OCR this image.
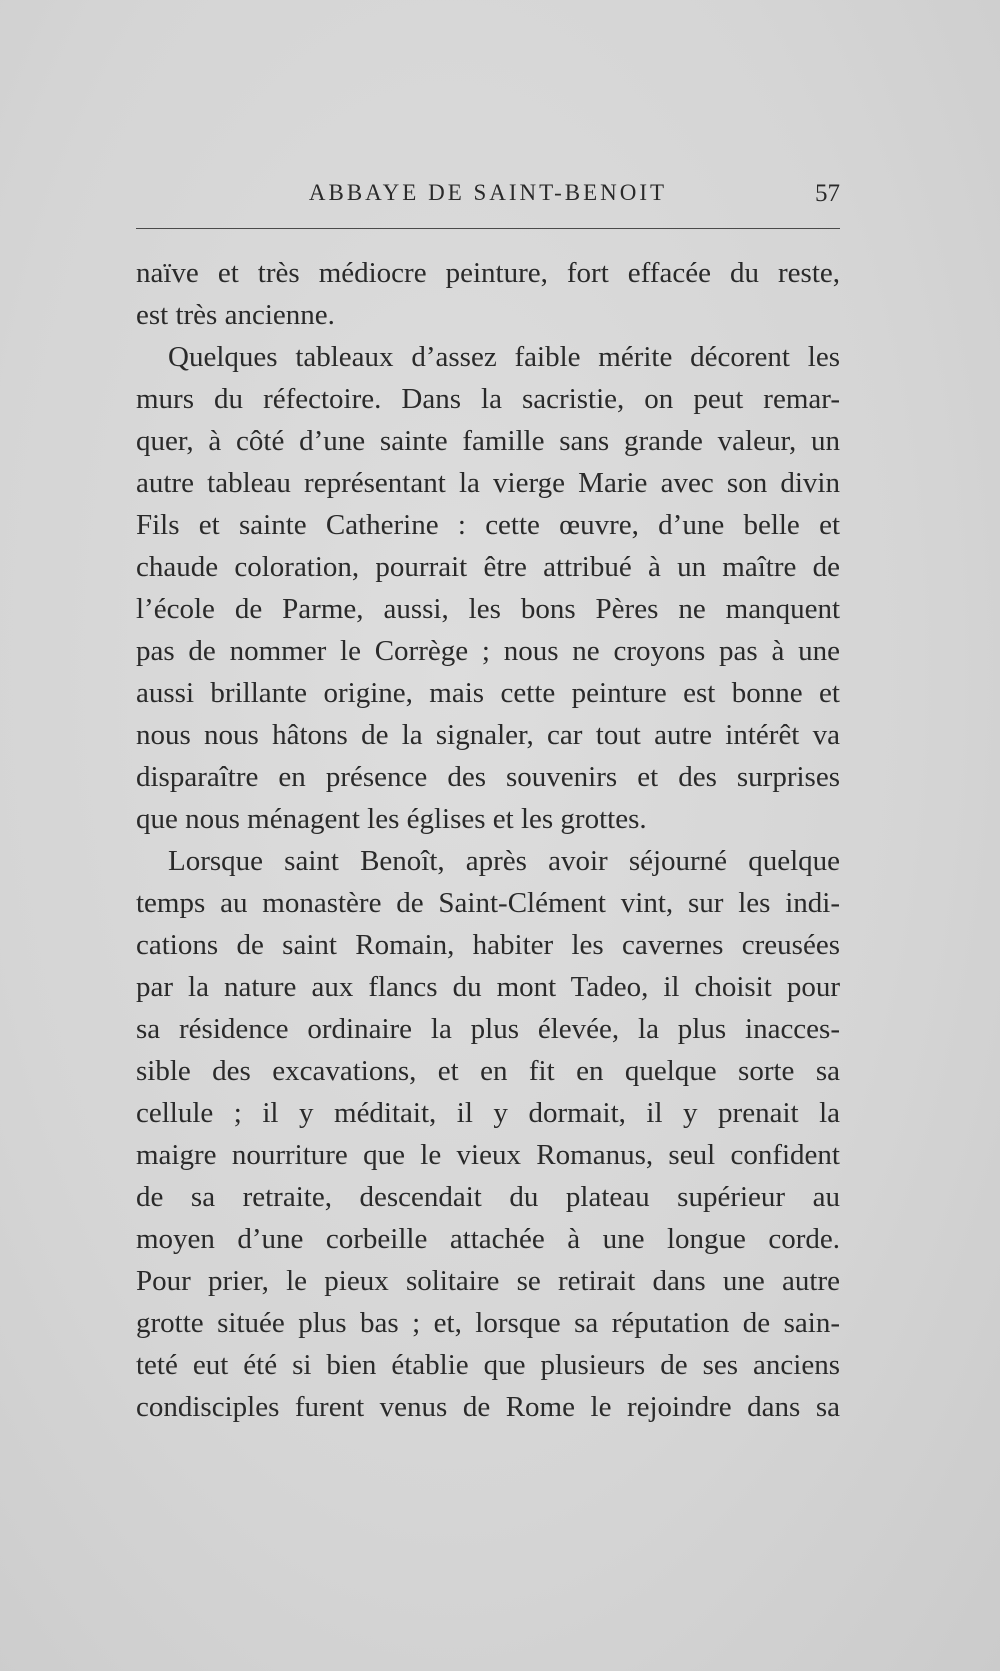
ABBAYE DE SAINT-BENOIT	57
naïve et très médiocre peinture, fort effacée du reste,
est très ancienne.
Quelques tableaux d’assez faible mérite décorent les
murs du réfectoire. Dans la sacristie, on peut remar-
quer, à côté d’une sainte famille sans grande valeur, un
autre tableau représentant la vierge Marie avec son divin
Fils et sainte Catherine : cette œuvre, d’une belle et
chaude coloration, pourrait être attribué à un maître de
l’école de Parme, aussi, les bons Pères ne manquent
pas de nommer le Corrège ; nous ne croyons pas à une
aussi brillante origine, mais cette peinture est bonne et
nous nous hâtons de la signaler, car tout autre intérêt va
disparaître en présence des souvenirs et des surprises
que nous ménagent les églises et les grottes.
Lorsque saint Benoît, après avoir séjourné quelque
temps au monastère de Saint-Clément vint, sur les indi-
cations de saint Romain, habiter les cavernes creusées
par la nature aux flancs du mont Tadeo, il choisit pour
sa résidence ordinaire la plus élevée, la plus inacces-
sible des excavations, et en fit en quelque sorte sa
cellule ; il y méditait, il y dormait, il y prenait la
maigre nourriture que le vieux Romanus, seul confident
de sa retraite, descendait du plateau supérieur au
moyen d’une corbeille attachée à une longue corde.
Pour prier, le pieux solitaire se retirait dans une autre
grotte située plus bas ; et, lorsque sa réputation de sain-
teté eut été si bien établie que plusieurs de ses anciens
condisciples furent venus de Rome le rejoindre dans sa
